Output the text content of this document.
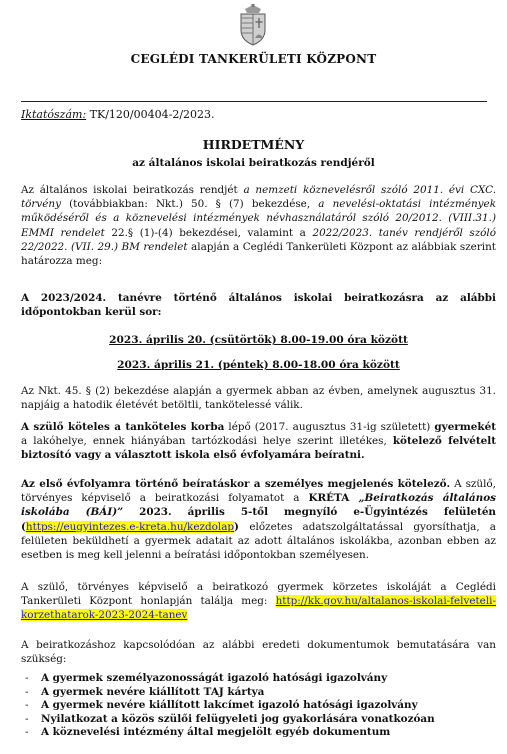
CEGLÉDI TANKERÜLETI KÖZPONT
Iktatószám: TK/120/00404-2/2023.
HIRDETMÉNY
az általános iskolai beiratkozás rendjéről
Az általános iskolai beiratkozás rendjét a nemzeti köznevelésről szóló 2011. évi CXC. törvény (továbbiakban: Nkt.) 50. § (7) bekezdése, a nevelési-oktatási intézmények működéséről és a köznevelési intézmények névhasználatáról szóló 20/2012. (VIII.31.) EMMI rendelet 22.§ (1)-(4) bekezdései, valamint a 2022/2023. tanév rendjéről szóló 22/2022. (VII. 29.) BM rendelet alapján a Ceglédi Tankerületi Központ az alábbiak szerint határozza meg:
A 2023/2024. tanévre történő általános iskolai beiratkozásra az alábbi időpontokban kerül sor:
2023. április 20. (csütörtök) 8.00-19.00 óra között
2023. április 21. (péntek) 8.00-18.00 óra között
Az Nkt. 45. § (2) bekezdése alapján a gyermek abban az évben, amelynek augusztus 31. napjáig a hatodik életévét betöltli, tankötelessé válik.
A szülő köteles a tanköteles korba lépő (2017. augusztus 31-ig született) gyermekét a lakóhelye, ennek hiányában tartózkodási helye szerint illetékes, kötelező felvételt biztosító vagy a választott iskola első évfolyamára beíratni.
Az első évfolyamra történő beíratáskor a személyes megjelenés kötelező. A szülő, törvényes képviselő a beiratkozási folyamatot a KRÉTA „Beiratkozás általános iskolába (BÁI)” 2023. április 5-től megnyíló e-Ügyintézés felületén (https://eugyintezes.e-kreta.hu/kezdolap) előzetes adatszolgáltatással gyorsíthatja, a felületen beküldhetí a gyermek adatait az adott általános iskolákba, azonban ebben az esetben is meg kell jelenni a beíratási időpontokban személyesen.
A szülő, törvényes képviselő a beiratkozó gyermek körzetes iskoláját a Ceglédi Tankerületi Központ honlapján találja meg: http://kk.gov.hu/altalanos-iskolai-felveteli-korzethatarok-2023-2024-tanev
A beiratkozáshoz kapcsolódóan az alábbi eredeti dokumentumok bemutatására van szükség:
- A gyermek személyazonosságát igazoló hatósági igazolvány
- A gyermek nevére kiállított TAJ kártya
- A gyermek nevére kiállított lakcímet igazoló hatósági igazolvány
- Nyilatkozat a közös szülői felügyeleti jog gyakorlására vonatkozóan
- A köznevelési intézmény által megjelölt egyéb dokumentum
